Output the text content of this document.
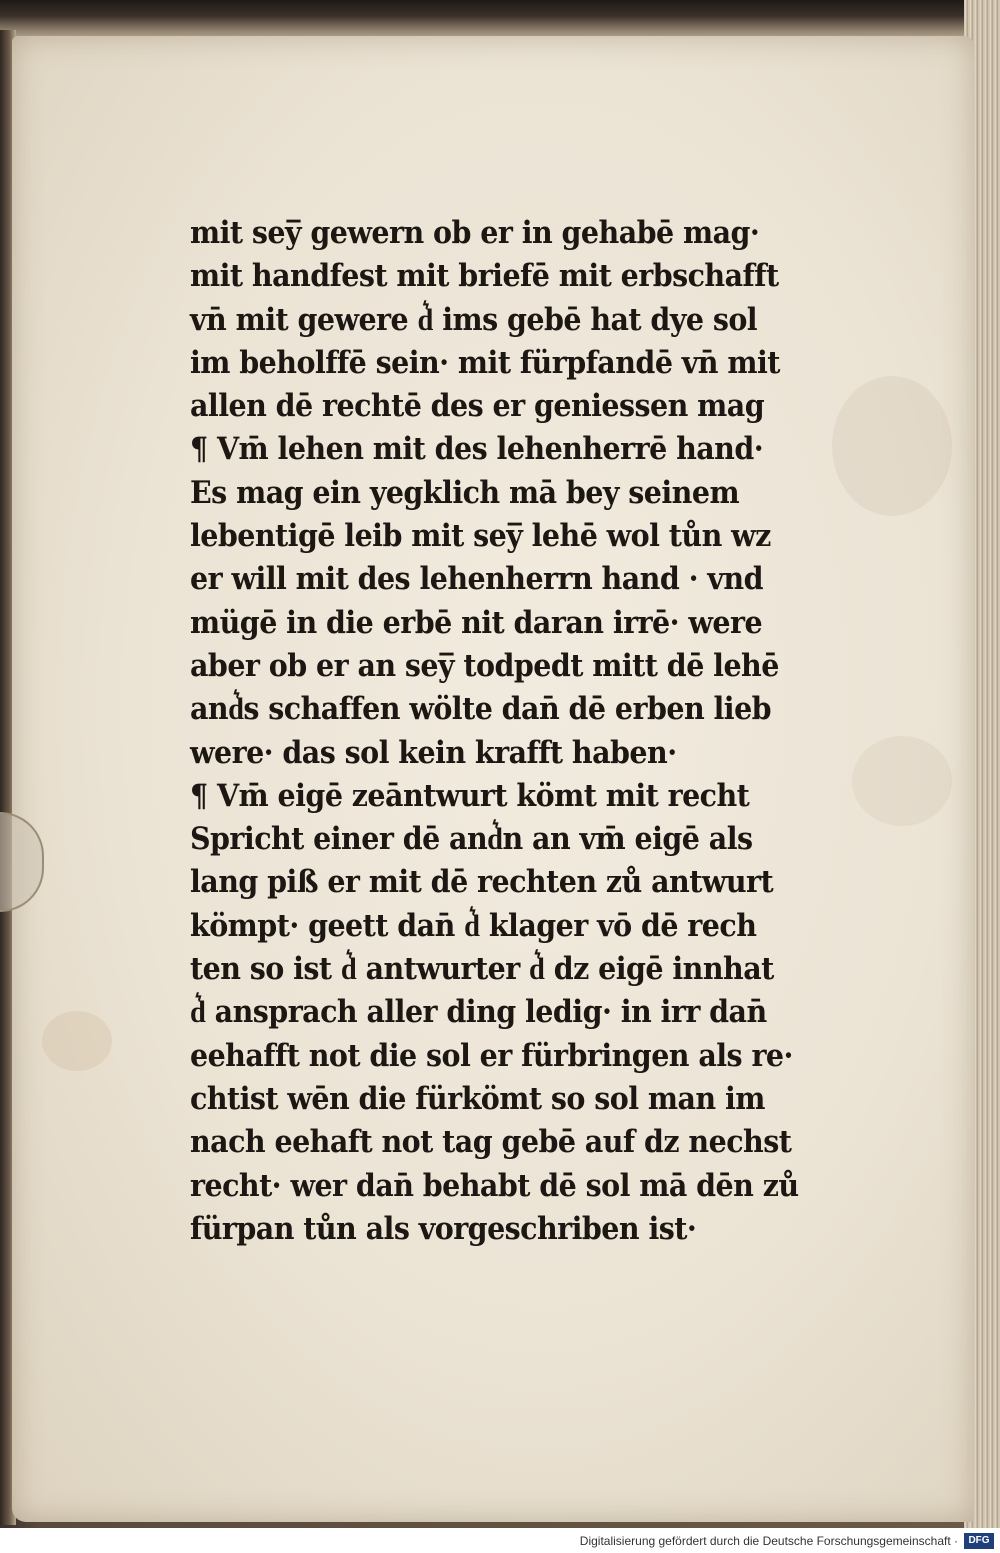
mit sey̅ gewern ob er in gehabē mag·
mit handfest mit briefē mit erbschafft
vn̄ mit gewere d͛ ims gebē hat dye sol
im beholffē sein· mit fürpfandē vn̄ mit
allen dē rechtē des er geniessen mag
¶ Vm̄ lehen mit des lehenherrē hand·
Es mag ein yegklich mā bey seinem
lebentigē leib mit sey̅ lehē wol tůn wz
er will mit des lehenherrn hand · vnd
mügē in die erbē nit daran irrē· were
aber ob er an sey̅ todpedt mitt dē lehē
and͛s schaffen wölte dan̄ dē erben lieb
were· das sol kein krafft haben·
¶ Vm̄ eigē zeāntwurt kömt mit recht
Spricht einer dē and͛n an vm̄ eigē als
lang piß er mit dē rechten zů antwurt
kömpt· geett dan̄ d͛ klager vō dē rech
ten so ist d͛ antwurter d͛ dz eigē innhat
d͛ ansprach aller ding ledig· in irr dan̄
eehafft not die sol er fürbringen als re·
chtist wēn die fürkömt so sol man im
nach eehaft not tag gebē auf dz nechst
recht· wer dan̄ behabt dē sol mā dēn zů
fürpan tůn als vorgeschriben ist·
Digitalisierung gefördert durch die Deutsche Forschungsgemeinschaft ·	DFG
